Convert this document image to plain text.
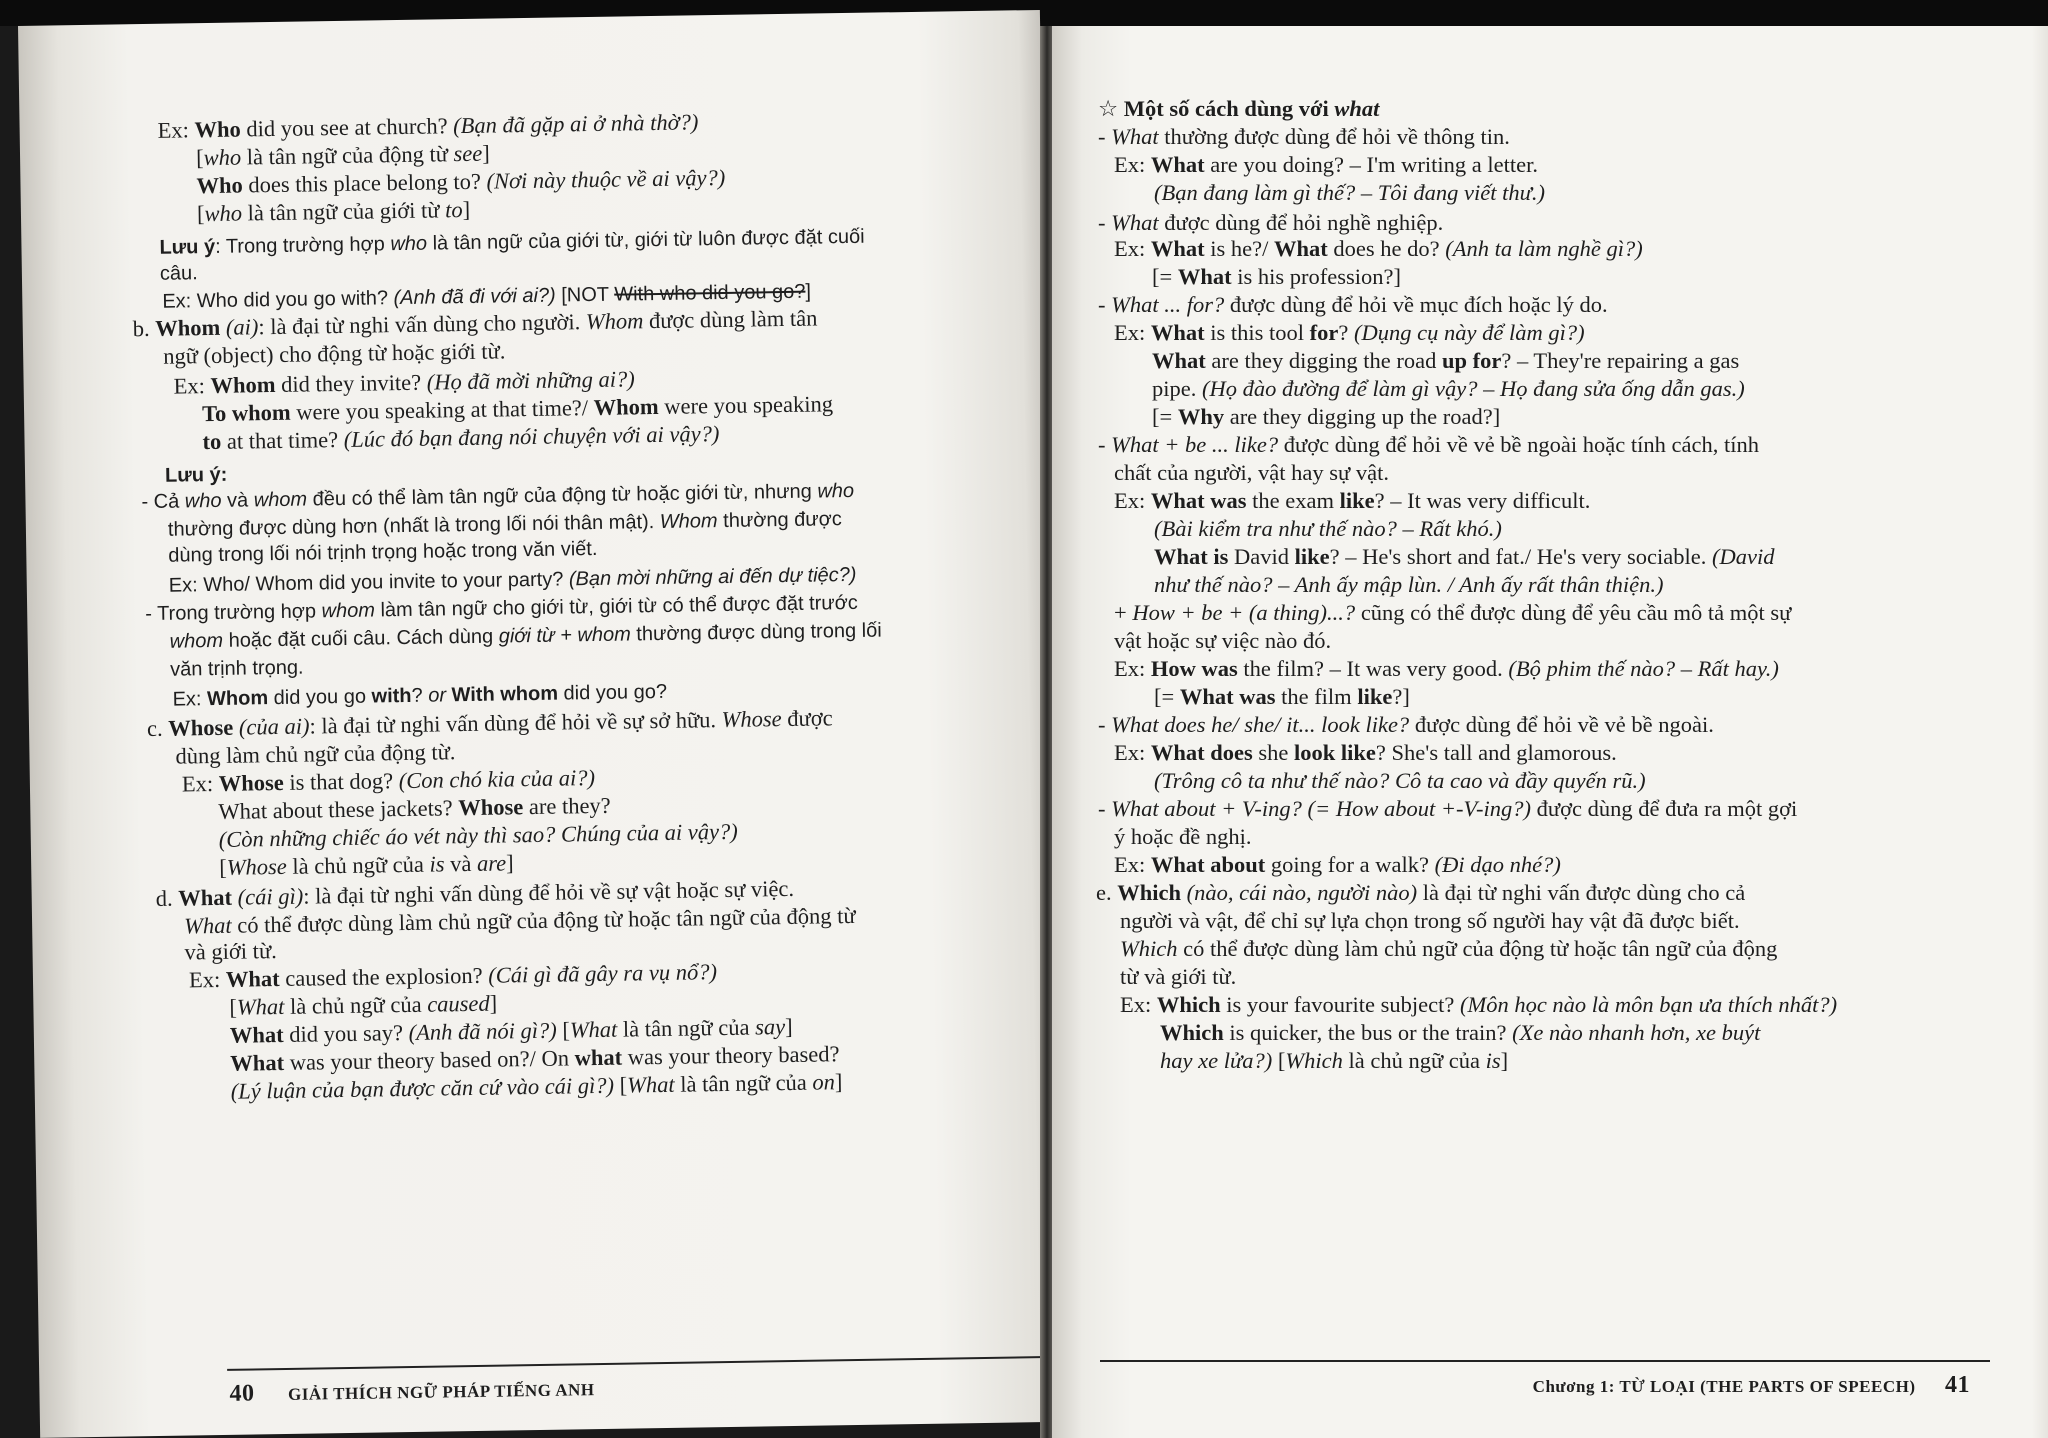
Ex: Who did you see at church? (Bạn đã gặp ai ở nhà thờ?)
[who là tân ngữ của động từ see]
Who does this place belong to? (Nơi này thuộc về ai vậy?)
[who là tân ngữ của giới từ to]
Lưu ý: Trong trường hợp who là tân ngữ của giới từ, giới từ luôn được đặt cuối
câu.
Ex: Who did you go with? (Anh đã đi với ai?) [NOT With who did you go?]
b. Whom (ai): là đại từ nghi vấn dùng cho người. Whom được dùng làm tân
ngữ (object) cho động từ hoặc giới từ.
Ex: Whom did they invite? (Họ đã mời những ai?)
To whom were you speaking at that time?/ Whom were you speaking
to at that time? (Lúc đó bạn đang nói chuyện với ai vậy?)
Lưu ý:
- Cả who và whom đều có thể làm tân ngữ của động từ hoặc giới từ, nhưng who
thường được dùng hơn (nhất là trong lối nói thân mật). Whom thường được
dùng trong lối nói trịnh trọng hoặc trong văn viết.
Ex: Who/ Whom did you invite to your party? (Bạn mời những ai đến dự tiệc?)
- Trong trường hợp whom làm tân ngữ cho giới từ, giới từ có thể được đặt trước
whom hoặc đặt cuối câu. Cách dùng giới từ + whom thường được dùng trong lối
văn trịnh trọng.
Ex: Whom did you go with? or With whom did you go?
c. Whose (của ai): là đại từ nghi vấn dùng để hỏi về sự sở hữu. Whose được
dùng làm chủ ngữ của động từ.
Ex: Whose is that dog? (Con chó kia của ai?)
What about these jackets? Whose are they?
(Còn những chiếc áo vét này thì sao? Chúng của ai vậy?)
[Whose là chủ ngữ của is và are]
d. What (cái gì): là đại từ nghi vấn dùng để hỏi về sự vật hoặc sự việc.
What có thể được dùng làm chủ ngữ của động từ hoặc tân ngữ của động từ
và giới từ.
Ex: What caused the explosion? (Cái gì đã gây ra vụ nổ?)
[What là chủ ngữ của caused]
What did you say? (Anh đã nói gì?) [What là tân ngữ của say]
What was your theory based on?/ On what was your theory based?
(Lý luận của bạn được căn cứ vào cái gì?) [What là tân ngữ của on]
40 GIẢI THÍCH NGỮ PHÁP TIẾNG ANH
☆ Một số cách dùng với what
- What thường được dùng để hỏi về thông tin.
Ex: What are you doing? – I'm writing a letter.
(Bạn đang làm gì thế? – Tôi đang viết thư.)
- What được dùng để hỏi nghề nghiệp.
Ex: What is he?/ What does he do? (Anh ta làm nghề gì?)
[= What is his profession?]
- What ... for? được dùng để hỏi về mục đích hoặc lý do.
Ex: What is this tool for? (Dụng cụ này để làm gì?)
What are they digging the road up for? – They're repairing a gas
pipe. (Họ đào đường để làm gì vậy? – Họ đang sửa ống dẫn gas.)
[= Why are they digging up the road?]
- What + be ... like? được dùng để hỏi về vẻ bề ngoài hoặc tính cách, tính
chất của người, vật hay sự vật.
Ex: What was the exam like? – It was very difficult.
(Bài kiểm tra như thế nào? – Rất khó.)
What is David like? – He's short and fat./ He's very sociable. (David
như thế nào? – Anh ấy mập lùn. / Anh ấy rất thân thiện.)
+ How + be + (a thing)...? cũng có thể được dùng để yêu cầu mô tả một sự
vật hoặc sự việc nào đó.
Ex: How was the film? – It was very good. (Bộ phim thế nào? – Rất hay.)
[= What was the film like?]
- What does he/ she/ it... look like? được dùng để hỏi về vẻ bề ngoài.
Ex: What does she look like? She's tall and glamorous.
(Trông cô ta như thế nào? Cô ta cao và đầy quyến rũ.)
- What about + V-ing? (= How about +-V-ing?) được dùng để đưa ra một gợi
ý hoặc đề nghị.
Ex: What about going for a walk? (Đi dạo nhé?)
e. Which (nào, cái nào, người nào) là đại từ nghi vấn được dùng cho cả
người và vật, để chỉ sự lựa chọn trong số người hay vật đã được biết.
Which có thể được dùng làm chủ ngữ của động từ hoặc tân ngữ của động
từ và giới từ.
Ex: Which is your favourite subject? (Môn học nào là môn bạn ưa thích nhất?)
Which is quicker, the bus or the train? (Xe nào nhanh hơn, xe buýt
hay xe lửa?) [Which là chủ ngữ của is]
Chương 1: TỪ LOẠI (THE PARTS OF SPEECH) 41
